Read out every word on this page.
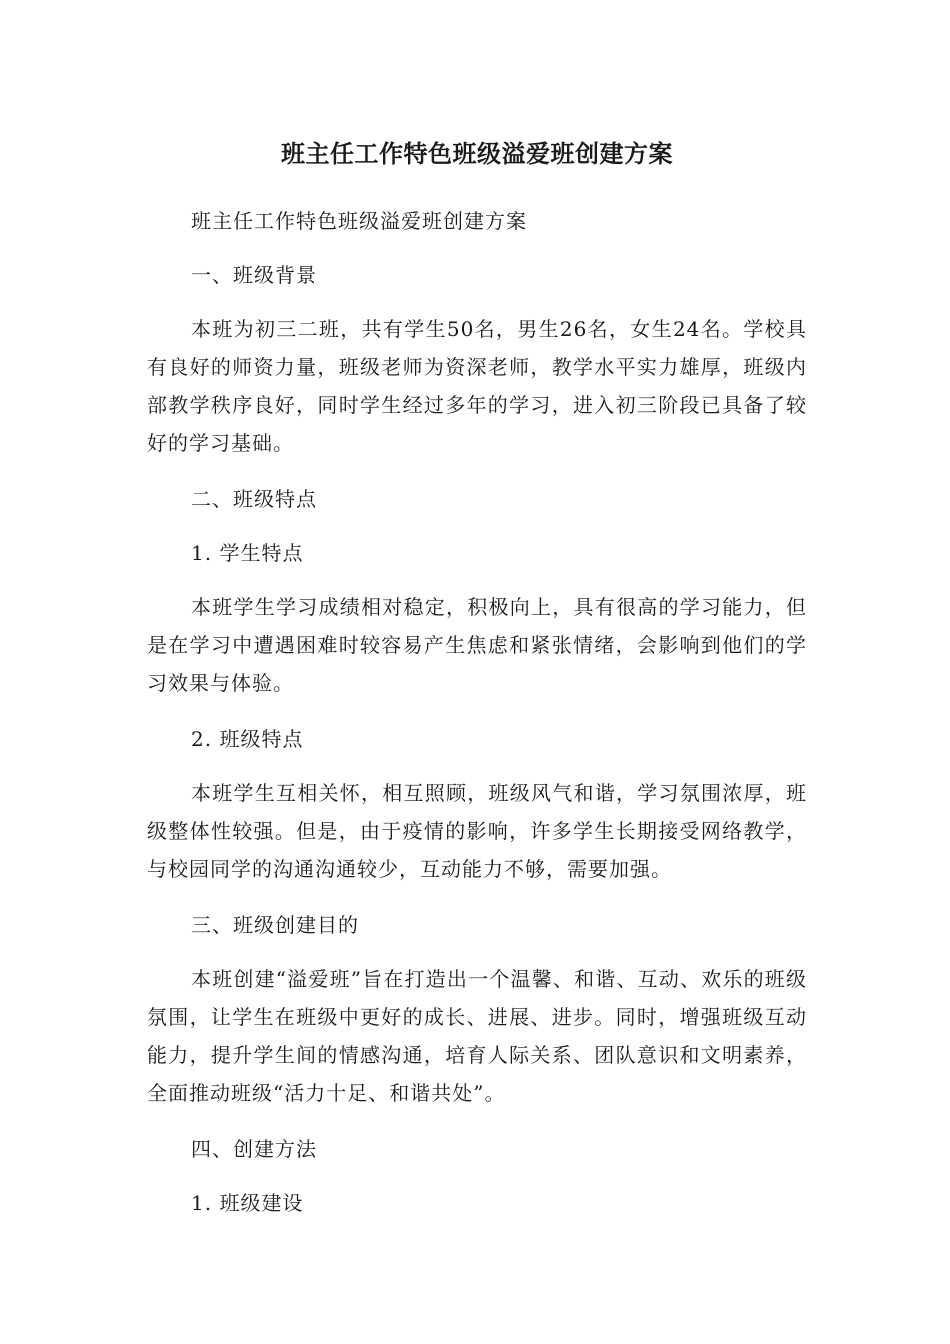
班主任工作特色班级溢爱班创建方案

班主任工作特色班级溢爱班创建方案

一、班级背景

本班为初三二班，共有学生50名，男生26名，女生24名。学校具有良好的师资力量，班级老师为资深老师，教学水平实力雄厚，班级内部教学秩序良好，同时学生经过多年的学习，进入初三阶段已具备了较好的学习基础。

二、班级特点

1. 学生特点

本班学生学习成绩相对稳定，积极向上，具有很高的学习能力，但是在学习中遭遇困难时较容易产生焦虑和紧张情绪，会影响到他们的学习效果与体验。

2. 班级特点

本班学生互相关怀，相互照顾，班级风气和谐，学习氛围浓厚，班级整体性较强。但是，由于疫情的影响，许多学生长期接受网络教学，与校园同学的沟通沟通较少，互动能力不够，需要加强。

三、班级创建目的

本班创建“溢爱班”旨在打造出一个温馨、和谐、互动、欢乐的班级氛围，让学生在班级中更好的成长、进展、进步。同时，增强班级互动能力，提升学生间的情感沟通，培育人际关系、团队意识和文明素养，全面推动班级“活力十足、和谐共处”。

四、创建方法

1. 班级建设
